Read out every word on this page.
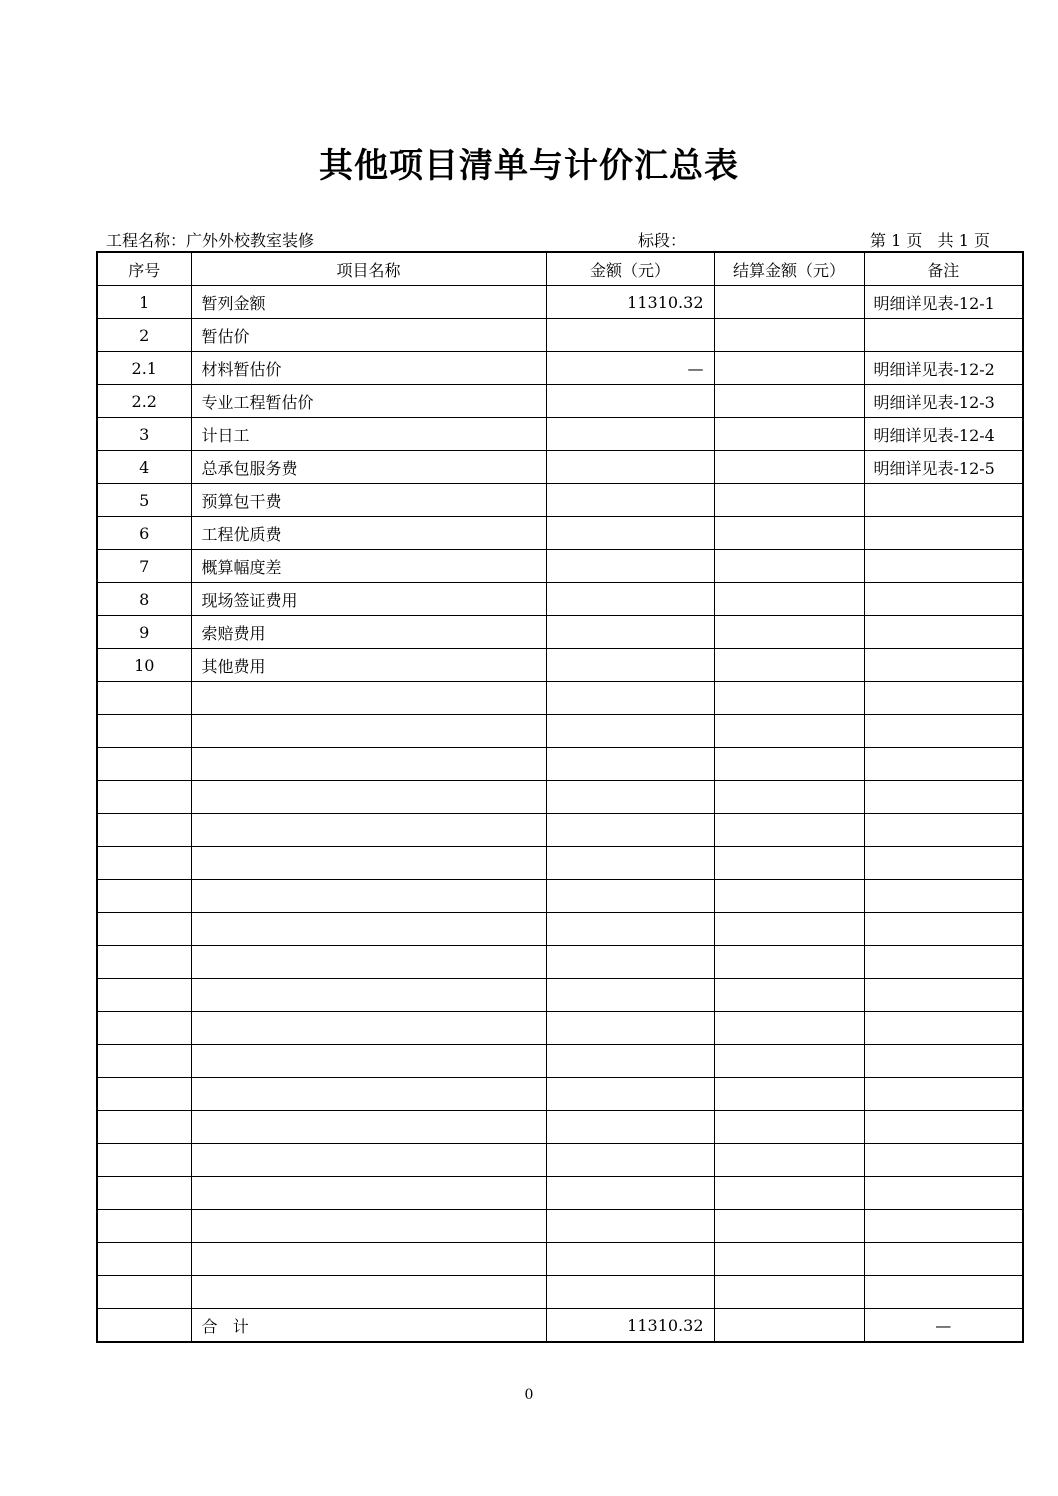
其他项目清单与计价汇总表
工程名称：广外外校教室装修	标段：	第 1 页   共 1 页
序号	项目名称	金额（元）	结算金额（元）	备注
1	暂列金额	11310.32		明细详见表-12-1
2	暂估价			
2.1	材料暂估价	—		明细详见表-12-2
2.2	专业工程暂估价			明细详见表-12-3
3	计日工			明细详见表-12-4
4	总承包服务费			明细详见表-12-5
5	预算包干费			
6	工程优质费			
7	概算幅度差			
8	现场签证费用			
9	索赔费用			
10	其他费用			

	合   计	11310.32		—
0
